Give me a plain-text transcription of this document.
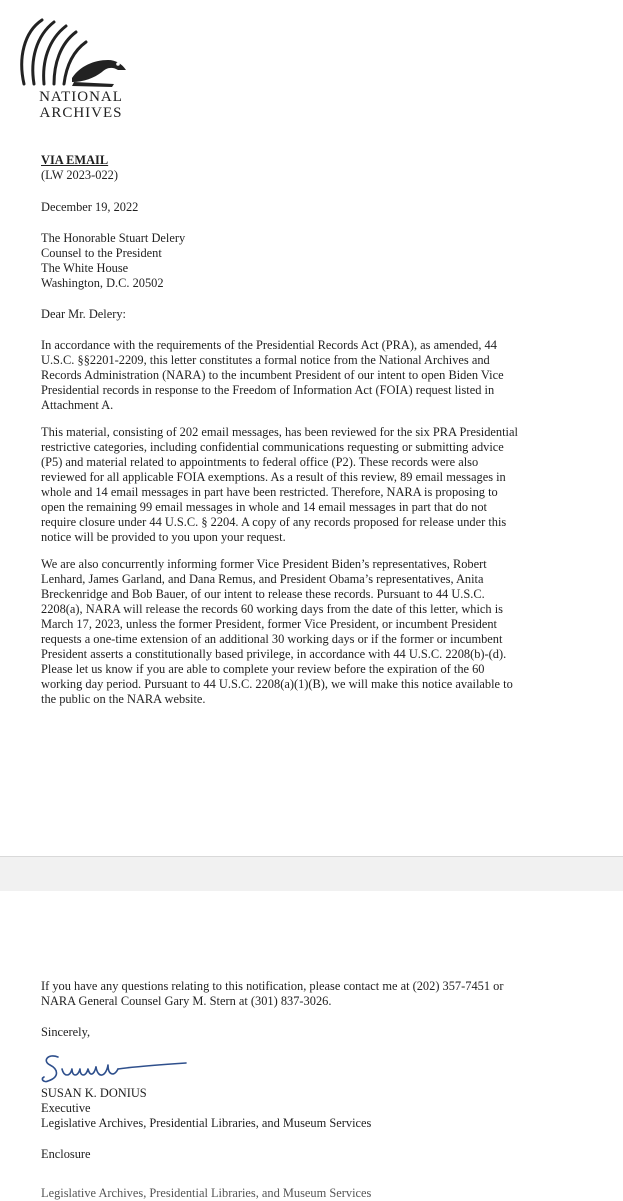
NATIONAL
ARCHIVES

VIA EMAIL

(LW 2023-022)

December 19, 2022

The Honorable Stuart Delery

Counsel to the President

The White House

Washington, D.C. 20502

Dear Mr. Delery:

In accordance with the requirements of the Presidential Records Act (PRA), as amended, 44

U.S.C. §§2201-2209, this letter constitutes a formal notice from the National Archives and

Records Administration (NARA) to the incumbent President of our intent to open Biden Vice

Presidential records in response to the Freedom of Information Act (FOIA) request listed in

Attachment A.

This material, consisting of 202 email messages, has been reviewed for the six PRA Presidential

restrictive categories, including confidential communications requesting or submitting advice

(P5) and material related to appointments to federal office (P2). These records were also

reviewed for all applicable FOIA exemptions. As a result of this review, 89 email messages in

whole and 14 email messages in part have been restricted. Therefore, NARA is proposing to

open the remaining 99 email messages in whole and 14 email messages in part that do not

require closure under 44 U.S.C. § 2204. A copy of any records proposed for release under this

notice will be provided to you upon your request.

We are also concurrently informing former Vice President Biden’s representatives, Robert

Lenhard, James Garland, and Dana Remus, and President Obama’s representatives, Anita

Breckenridge and Bob Bauer, of our intent to release these records. Pursuant to 44 U.S.C.

2208(a), NARA will release the records 60 working days from the date of this letter, which is

March 17, 2023, unless the former President, former Vice President, or incumbent President

requests a one-time extension of an additional 30 working days or if the former or incumbent

President asserts a constitutionally based privilege, in accordance with 44 U.S.C. 2208(b)-(d).

Please let us know if you are able to complete your review before the expiration of the 60

working day period. Pursuant to 44 U.S.C. 2208(a)(1)(B), we will make this notice available to

the public on the NARA website.

If you have any questions relating to this notification, please contact me at (202) 357-7451 or

NARA General Counsel Gary M. Stern at (301) 837-3026.

Sincerely,

SUSAN K. DONIUS

Executive

Legislative Archives, Presidential Libraries, and Museum Services

Enclosure

Legislative Archives, Presidential Libraries, and Museum Services
